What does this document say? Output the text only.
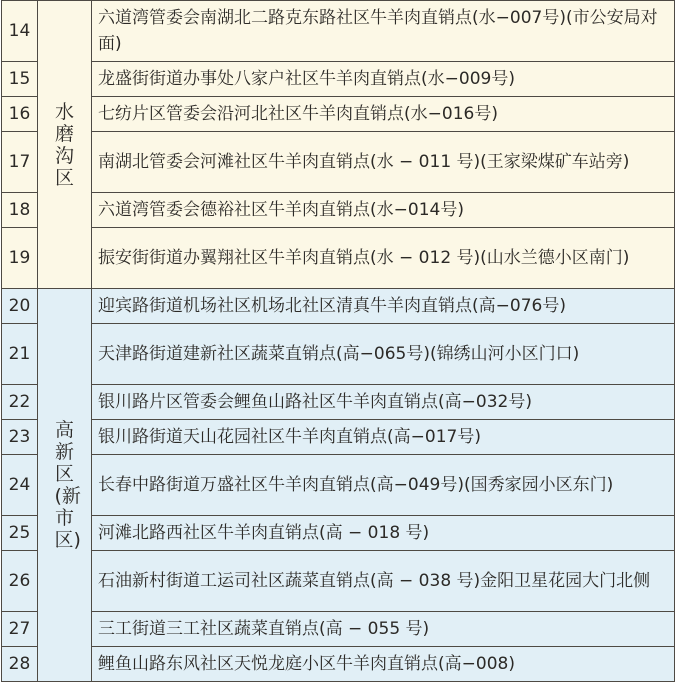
14	水磨沟区	六道湾管委会南湖北二路克东路社区牛羊肉直销点(水−007号)(市公安局对面)
15		龙盛街街道办事处八家户社区牛羊肉直销点(水−009号)
16		七纺片区管委会沿河北社区牛羊肉直销点(水−016号)
17		南湖北管委会河滩社区牛羊肉直销点(水 − 011 号)(王家梁煤矿车站旁)
18		六道湾管委会德裕社区牛羊肉直销点(水−014号)
19		振安街街道办翼翔社区牛羊肉直销点(水 − 012 号)(山水兰德小区南门)
20	高新区(新市区)	迎宾路街道机场社区机场北社区清真牛羊肉直销点(高−076号)
21		天津路街道建新社区蔬菜直销点(高−065号)(锦绣山河小区门口)
22		银川路片区管委会鲤鱼山路社区牛羊肉直销点(高−032号)
23		银川路街道天山花园社区牛羊肉直销点(高−017号)
24		长春中路街道万盛社区牛羊肉直销点(高−049号)(国秀家园小区东门)
25		河滩北路西社区牛羊肉直销点(高 − 018 号)
26		石油新村街道工运司社区蔬菜直销点(高 − 038 号)金阳卫星花园大门北侧
27		三工街道三工社区蔬菜直销点(高 − 055 号)
28		鲤鱼山路东风社区天悦龙庭小区牛羊肉直销点(高−008)
